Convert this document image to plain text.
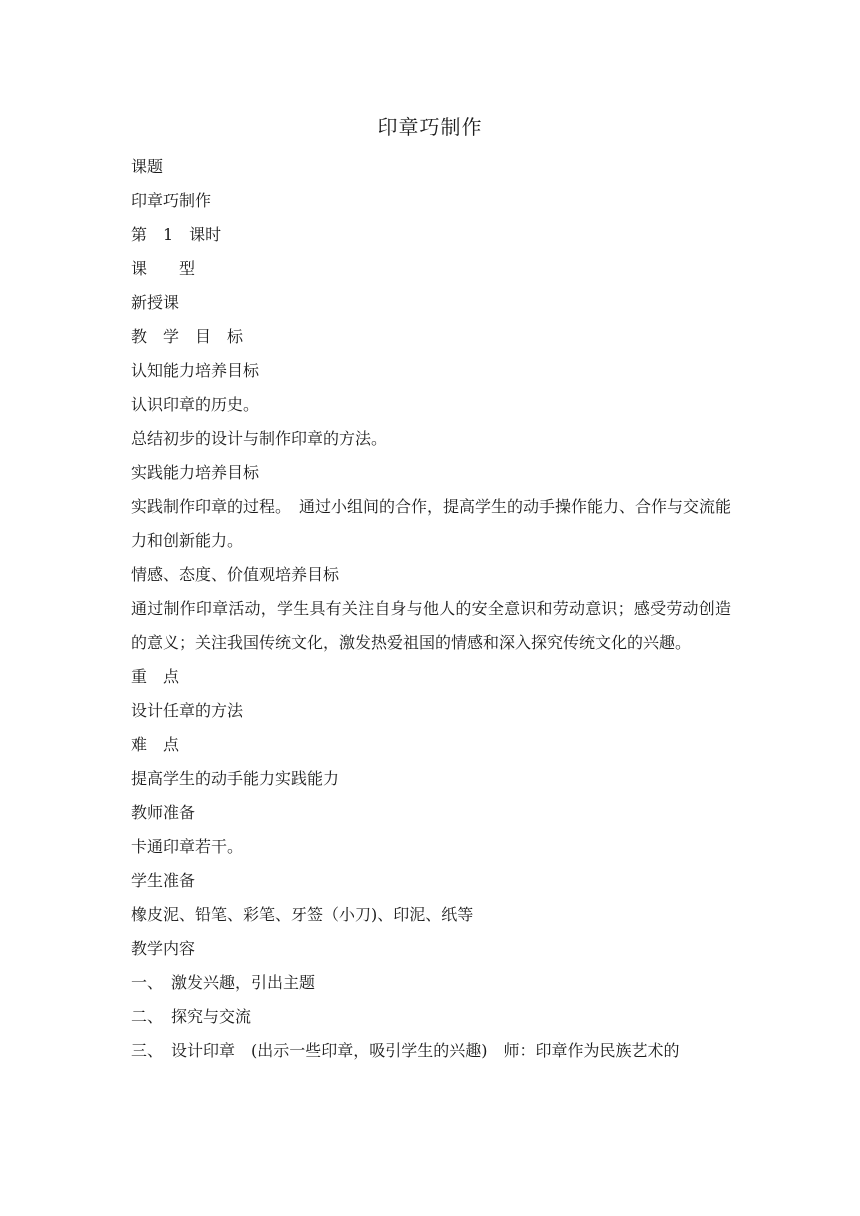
印章巧制作

课题

印章巧制作

第　1　课时

课　　型

新授课

教　学　目　标

认知能力培养目标

认识印章的历史。

总结初步的设计与制作印章的方法。

实践能力培养目标

实践制作印章的过程。　通过小组间的合作，提高学生的动手操作能力、合作与交流能力和创新能力。

情感、态度、价值观培养目标

通过制作印章活动，学生具有关注自身与他人的安全意识和劳动意识；感受劳动创造的意义；关注我国传统文化，激发热爱祖国的情感和深入探究传统文化的兴趣。

重　点

设计任章的方法

难　点

提高学生的动手能力实践能力

教师准备

卡通印章若干。

学生准备

橡皮泥、铅笔、彩笔、牙签（小刀)、印泥、纸等

教学内容

一、　激发兴趣，引出主题

二、　探究与交流

三、　设计印章　(出示一些印章，吸引学生的兴趣)　师：印章作为民族艺术的
